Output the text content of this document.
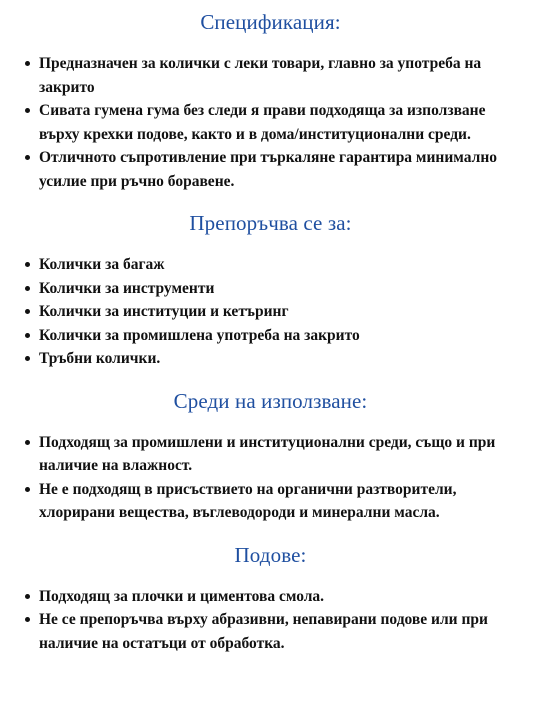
Спецификация:
Предназначен за колички с леки товари, главно за употреба на закрито
Сивата гумена гума без следи я прави подходяща за използване върху крехки подове, както и в дома/институционални среди.
Отличното съпротивление при търкаляне гарантира минимално усилие при ръчно боравене.
Препоръчва се за:
Колички за багаж
Колички за инструменти
Колички за институции и кетъринг
Колички за промишлена употреба на закрито
Тръбни колички.
Среди на използване:
Подходящ за промишлени и институционални среди, също и при наличие на влажност.
Не е подходящ в присъствието на органични разтворители, хлорирани вещества, въглеводороди и минерални масла.
Подове:
Подходящ за плочки и циментова смола.
Не се препоръчва върху абразивни, непавирани подове или при наличие на остатъци от обработка.
